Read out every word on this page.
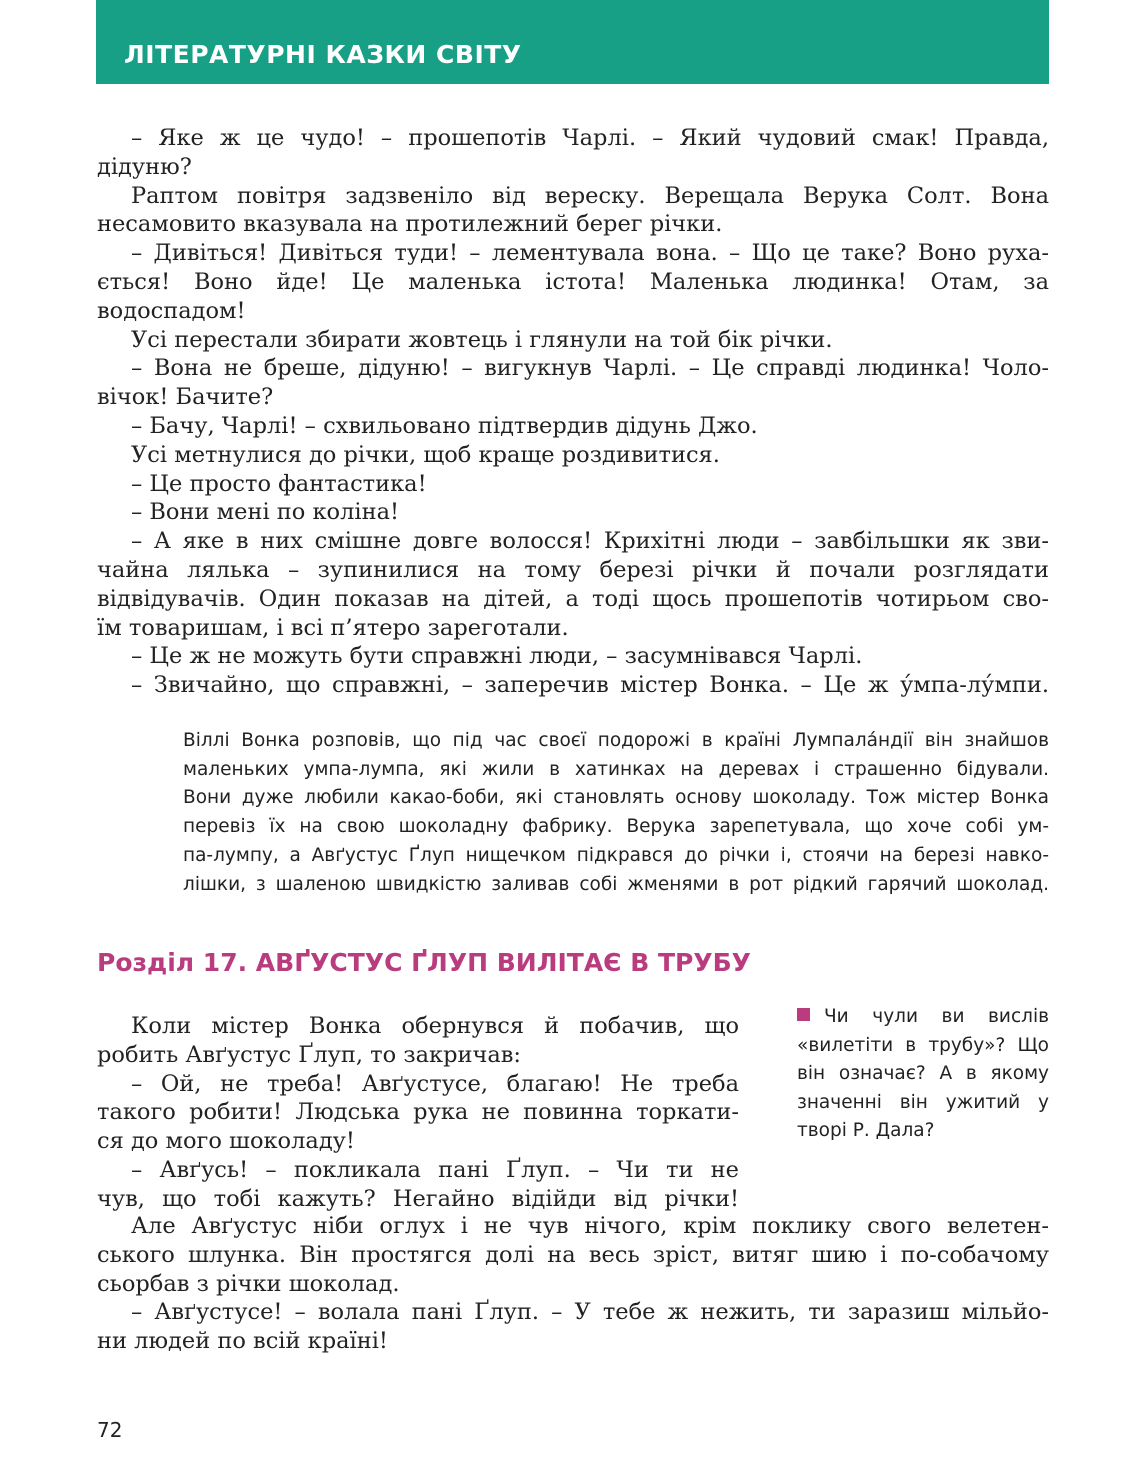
ЛІТЕРАТУРНІ КАЗКИ СВІТУ
– Яке ж це чудо! – прошепотів Чарлі. – Який чудовий смак! Правда,
дідуню?
Раптом повітря задзвеніло від вереску. Верещала Верука Солт. Вона
несамовито вказувала на протилежний берег річки.
– Дивіться! Дивіться туди! – лементувала вона. – Що це таке? Воно руха-
ється! Воно йде! Це маленька істота! Маленька людинка! Отам, за
водоспадом!
Усі перестали збирати жовтець і глянули на той бік річки.
– Вона не бреше, дідуню! – вигукнув Чарлі. – Це справді людинка! Чоло-
вічок! Бачите?
– Бачу, Чарлі! – схвильовано підтвердив дідунь Джо.
Усі метнулися до річки, щоб краще роздивитися.
– Це просто фантастика!
– Вони мені по коліна!
– А яке в них смішне довге волосся! Крихітні люди – завбільшки як зви-
чайна лялька – зупинилися на тому березі річки й почали розглядати
відвідувачів. Один показав на дітей, а тоді щось прошепотів чотирьом сво-
їм товаришам, і всі п’ятеро зареготали.
– Це ж не можуть бути справжні люди, – засумнівався Чарлі.
– Звичайно, що справжні, – заперечив містер Вонка. – Це ж у́мпа-лу́мпи.
Віллі Вонка розповів, що під час своєї подорожі в країні Лумпала́ндії він знайшов
маленьких умпа-лумпа, які жили в хатинках на деревах і страшенно бідували.
Вони дуже любили какао-боби, які становлять основу шоколаду. Тож містер Вонка
перевіз їх на свою шоколадну фабрику. Верука зарепетувала, що хоче собі ум-
па-лумпу, а Авґустус Ґлуп нищечком підкрався до річки і, стоячи на березі навко-
лішки, з шаленою швидкістю заливав собі жменями в рот рідкий гарячий шоколад.
Розділ 17. АВҐУСТУС ҐЛУП ВИЛІТАЄ В ТРУБУ
Коли містер Вонка обернувся й побачив, що
робить Авґустус Ґлуп, то закричав:
– Ой, не треба! Авґустусе, благаю! Не треба
такого робити! Людська рука не повинна торкати-
ся до мого шоколаду!
– Авґусь! – покликала пані Ґлуп. – Чи ти не
чув, що тобі кажуть? Негайно відійди від річки!
Чи чули ви вислів
«вилетіти в трубу»? Що
він означає? А в якому
значенні він ужитий у
творі Р. Дала?
Але Авґустус ніби оглух і не чув нічого, крім поклику свого велетен-
ського шлунка. Він простягся долі на весь зріст, витяг шию і по-собачому
сьорбав з річки шоколад.
– Авґустусе! – волала пані Ґлуп. – У тебе ж нежить, ти заразиш мільйо-
ни людей по всій країні!
72
